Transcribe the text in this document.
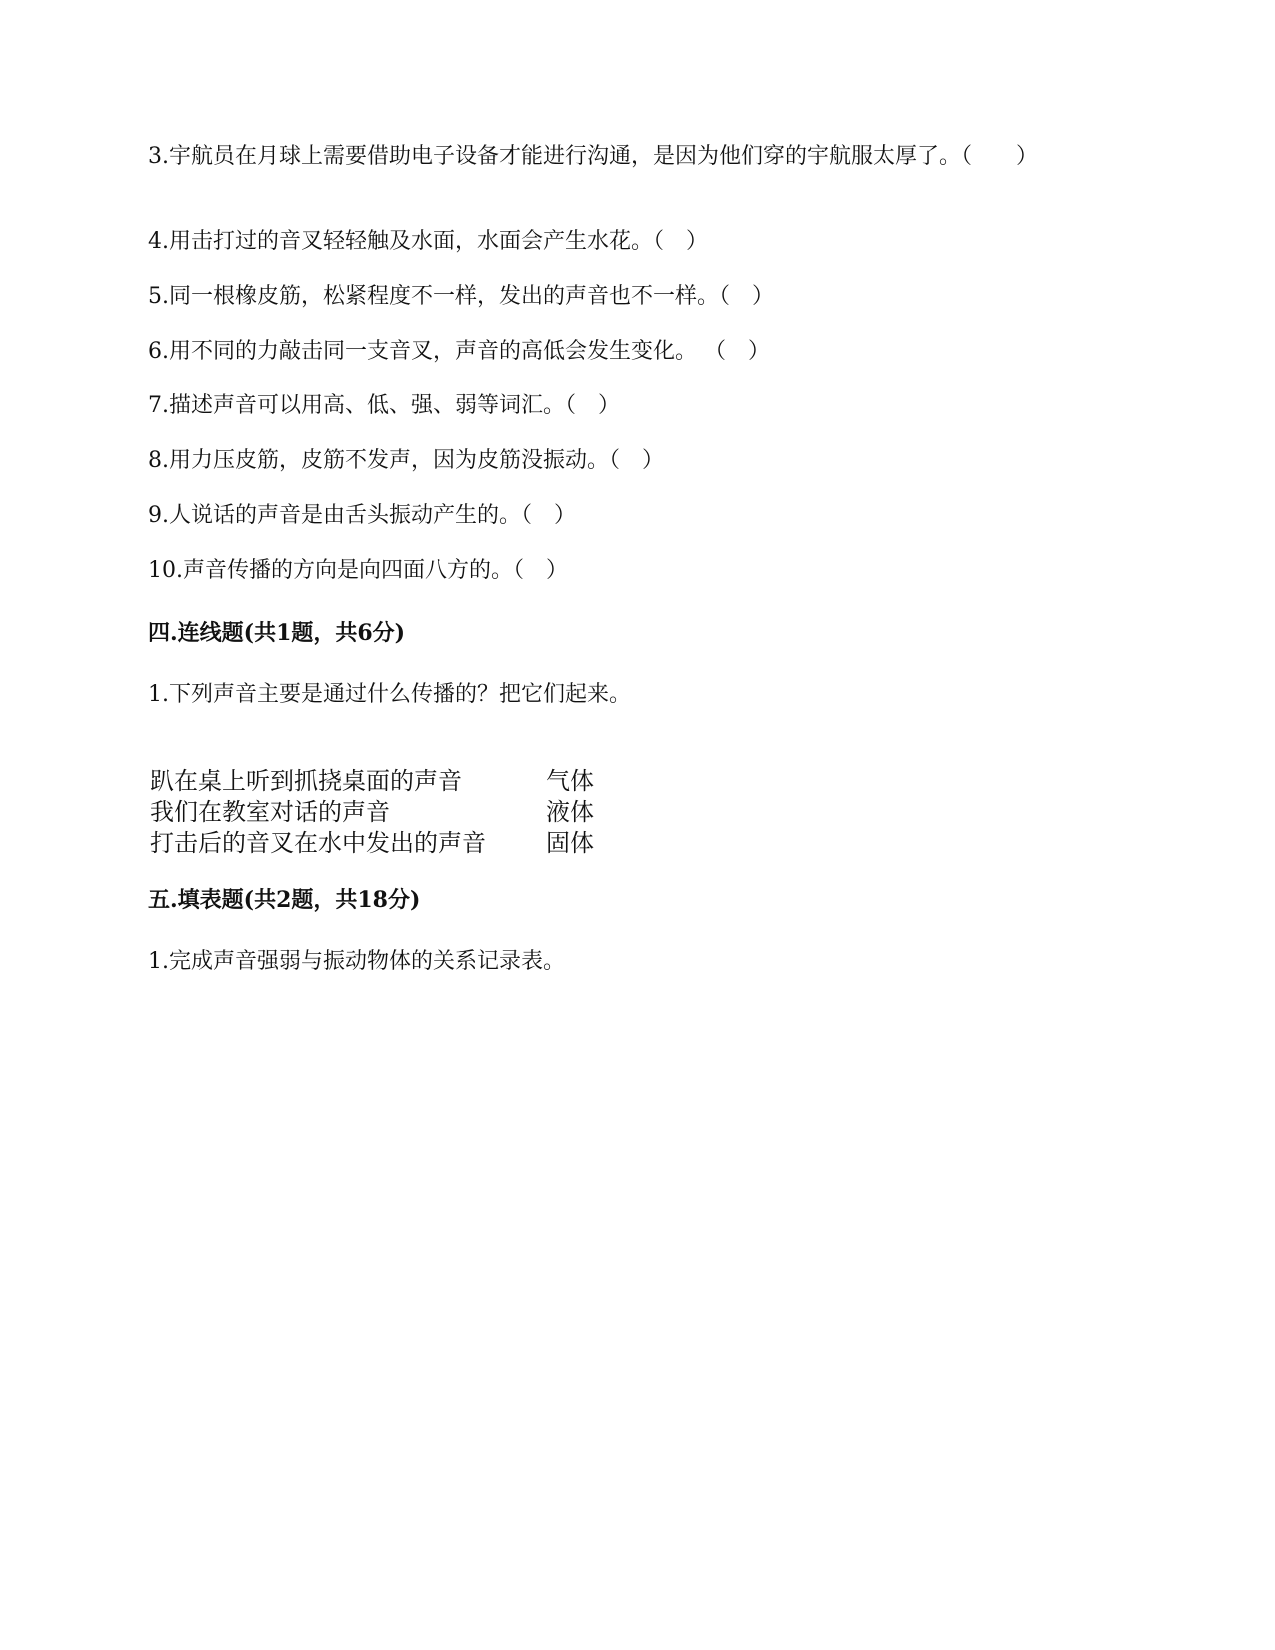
3.宇航员在月球上需要借助电子设备才能进行沟通，是因为他们穿的宇航服太厚了。（　　）
4.用击打过的音叉轻轻触及水面，水面会产生水花。（　）
5.同一根橡皮筋，松紧程度不一样，发出的声音也不一样。（　）
6.用不同的力敲击同一支音叉，声音的高低会发生变化。 （　）
7.描述声音可以用高、低、强、弱等词汇。（　）
8.用力压皮筋，皮筋不发声，因为皮筋没振动。（　）
9.人说话的声音是由舌头振动产生的。（　）
10.声音传播的方向是向四面八方的。（　）
四.连线题(共1题，共6分)
1.下列声音主要是通过什么传播的？把它们起来。
趴在桌上听到抓挠桌面的声音	气体
我们在教室对话的声音	液体
打击后的音叉在水中发出的声音	固体
五.填表题(共2题，共18分)
1.完成声音强弱与振动物体的关系记录表。
